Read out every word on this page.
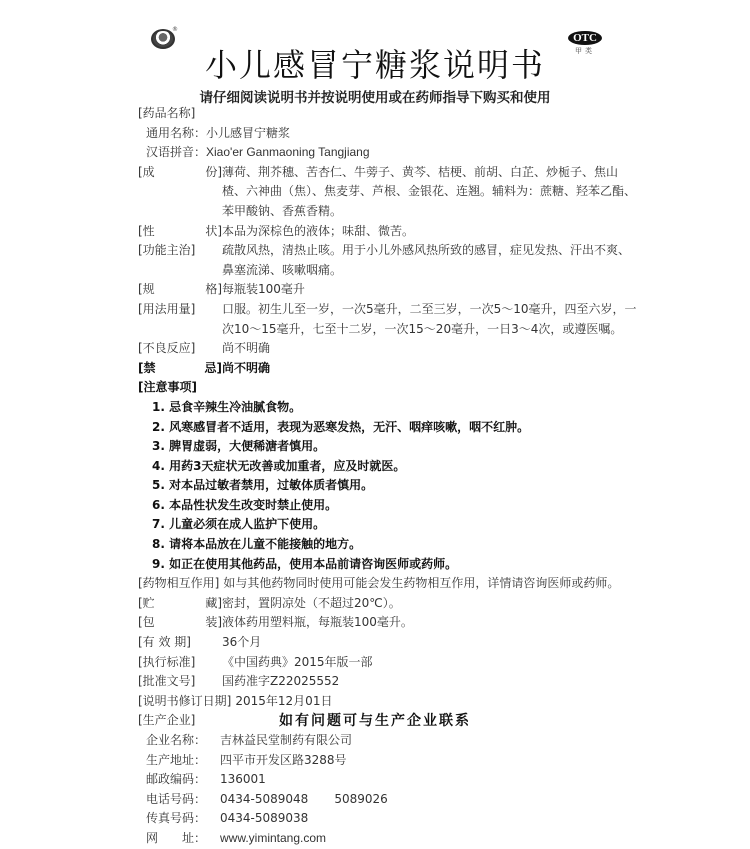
®
OTC
甲类
小儿感冒宁糖浆说明书
请仔细阅读说明书并按说明使用或在药师指导下购买和使用
[药品名称]
通用名称： 小儿感冒宁糖浆
汉语拼音： Xiao'er Ganmaoning Tangjiang
[成	份] 薄荷、荆芥穗、苦杏仁、牛蒡子、黄芩、桔梗、前胡、白芷、炒栀子、焦山楂、六神曲（焦）、焦麦芽、芦根、金银花、连翘。辅料为：蔗糖、羟苯乙酯、苯甲酸钠、香蕉香精。
[性	状] 本品为深棕色的液体；味甜、微苦。
[功能主治]	疏散风热，清热止咳。用于小儿外感风热所致的感冒，症见发热、汗出不爽、鼻塞流涕、咳嗽咽痛。
[规	格] 每瓶装100毫升
[用法用量]	口服。初生儿至一岁，一次5毫升，二至三岁，一次5～10毫升，四至六岁，一次10～15毫升，七至十二岁，一次15～20毫升，一日3～4次，或遵医嘱。
[不良反应]	尚不明确
[禁	忌] 尚不明确
[注意事项]
1. 忌食辛辣生冷油腻食物。
2. 风寒感冒者不适用，表现为恶寒发热，无汗、咽痒咳嗽，咽不红肿。
3. 脾胃虚弱，大便稀溏者慎用。
4. 用药3天症状无改善或加重者，应及时就医。
5. 对本品过敏者禁用，过敏体质者慎用。
6. 本品性状发生改变时禁止使用。
7. 儿童必须在成人监护下使用。
8. 请将本品放在儿童不能接触的地方。
9. 如正在使用其他药品，使用本品前请咨询医师或药师。
[药物相互作用] 如与其他药物同时使用可能会发生药物相互作用，详情请咨询医师或药师。
[贮	藏] 密封，置阴凉处（不超过20℃）。
[包	装] 液体药用塑料瓶，每瓶装100毫升。
[有 效 期]	36个月
[执行标准]	《中国药典》2015年版一部
[批准文号]	国药准字Z22025552
[说明书修订日期] 2015年12月01日
[生产企业]
企业名称： 吉林益民堂制药有限公司
生产地址： 四平市开发区路3288号
邮政编码： 136001
电话号码： 0434-5089048 5089026
传真号码： 0434-5089038
网　　址： www.yimintang.com
如有问题可与生产企业联系
